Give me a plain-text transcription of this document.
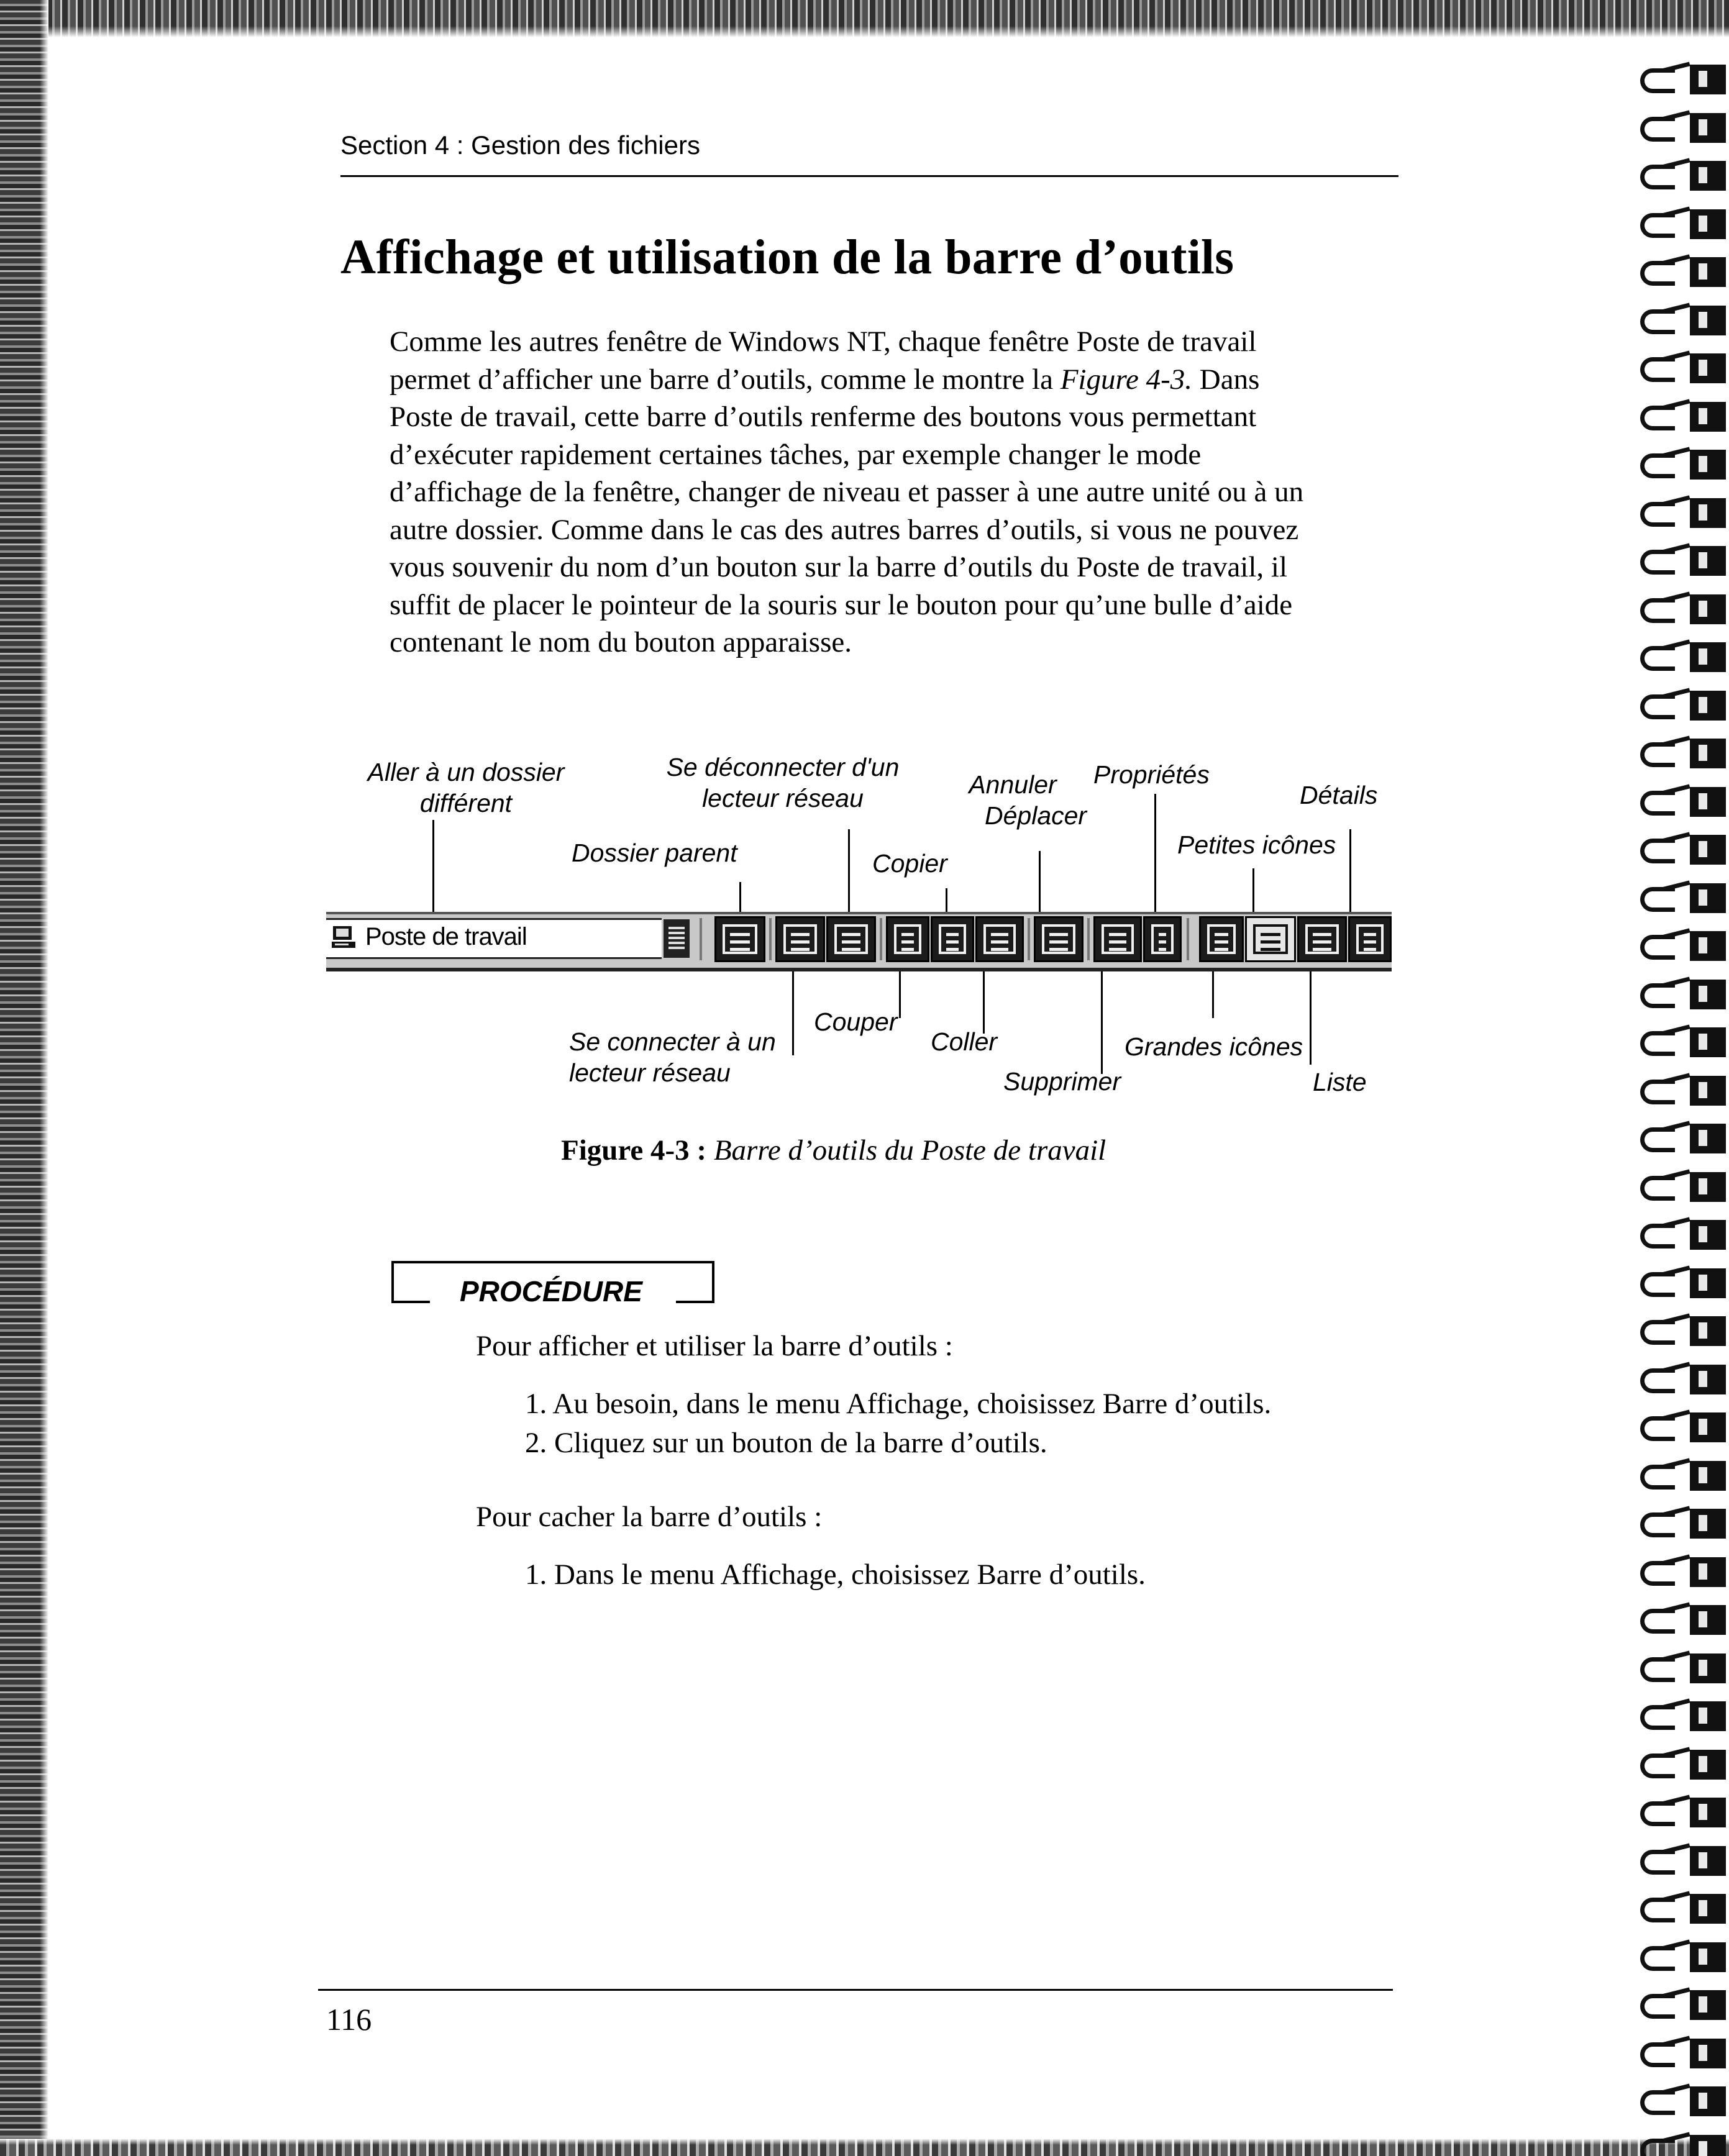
Section 4 : Gestion des fichiers
Affichage et utilisation de la barre d’outils
Comme les autres fenêtre de Windows NT, chaque fenêtre Poste de travail
permet d’afficher une barre d’outils, comme le montre la Figure 4-3. Dans
Poste de travail, cette barre d’outils renferme des boutons vous permettant
d’exécuter rapidement certaines tâches, par exemple changer le mode
d’affichage de la fenêtre, changer de niveau et passer à une autre unité ou à un
autre dossier. Comme dans le cas des autres barres d’outils, si vous ne pouvez
vous souvenir du nom d’un bouton sur la barre d’outils du Poste de travail, il
suffit de placer le pointeur de la souris sur le bouton pour qu’une bulle d’aide
contenant le nom du bouton apparaisse.
Aller à un dossier
différent
Se déconnecter d'un
lecteur réseau
Dossier parent	Copier
Annuler
Déplacer
Propriétés
Détails
Petites icônes
Poste de travail
Se connecter à un
lecteur réseau
Couper
Coller
Supprimer
Grandes icônes
Liste
Figure 4-3 : Barre d’outils du Poste de travail
PROCÉDURE
Pour afficher et utiliser la barre d’outils :
1. Au besoin, dans le menu Affichage, choisissez Barre d’outils.
2. Cliquez sur un bouton de la barre d’outils.
Pour cacher la barre d’outils :
1. Dans le menu Affichage, choisissez Barre d’outils.
116
